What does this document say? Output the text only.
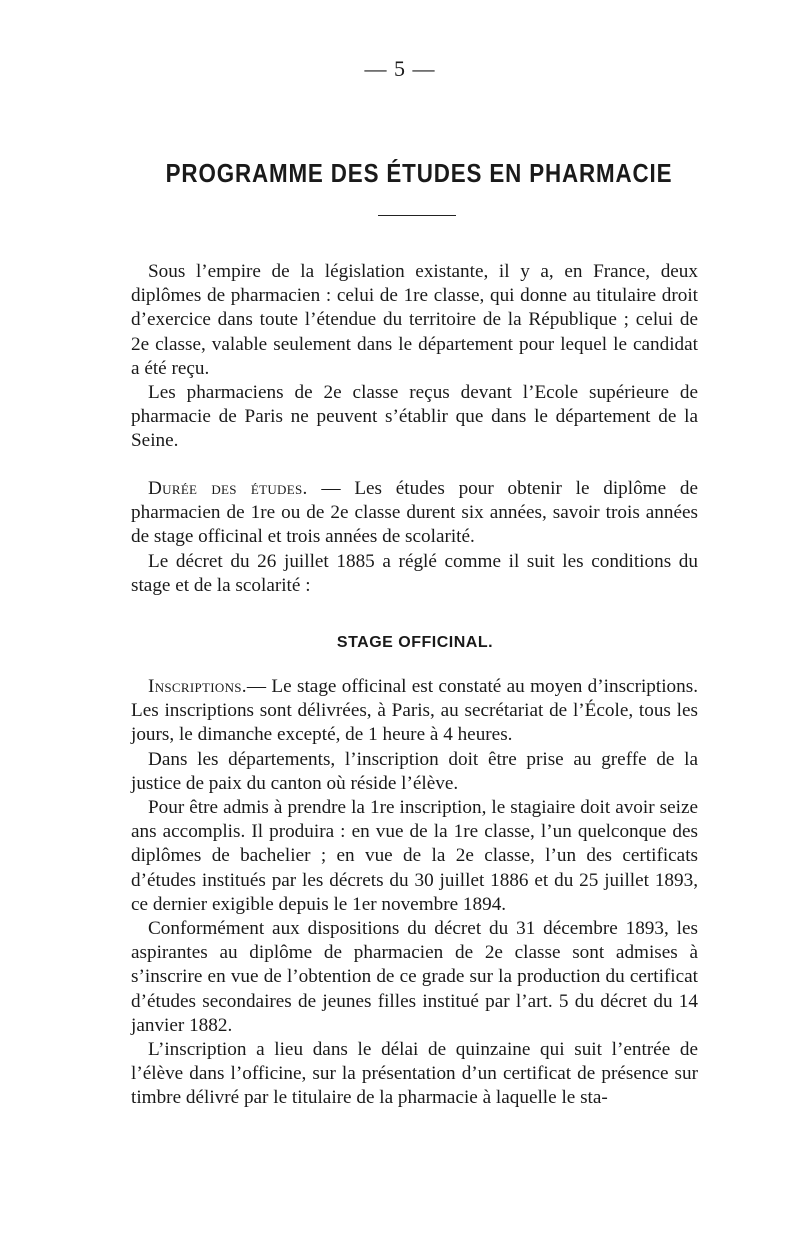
— 5 —
PROGRAMME DES ÉTUDES EN PHARMACIE

Sous l’empire de la législation existante, il y a, en France, deux diplômes de pharmacien : celui de 1re classe, qui donne au titulaire droit d’exercice dans toute l’étendue du territoire de la République ; celui de 2e classe, valable seulement dans le département pour lequel le candidat a été reçu.

Les pharmaciens de 2e classe reçus devant l’Ecole supérieure de pharmacie de Paris ne peuvent s’établir que dans le département de la Seine.

Durée des études. — Les études pour obtenir le diplôme de pharmacien de 1re ou de 2e classe durent six années, savoir trois années de stage officinal et trois années de scolarité.

Le décret du 26 juillet 1885 a réglé comme il suit les conditions du stage et de la scolarité :

STAGE OFFICINAL.

Inscriptions.— Le stage officinal est constaté au moyen d’inscriptions. Les inscriptions sont délivrées, à Paris, au secrétariat de l’École, tous les jours, le dimanche excepté, de 1 heure à 4 heures.

Dans les départements, l’inscription doit être prise au greffe de la justice de paix du canton où réside l’élève.

Pour être admis à prendre la 1re inscription, le stagiaire doit avoir seize ans accomplis. Il produira : en vue de la 1re classe, l’un quelconque des diplômes de bachelier ; en vue de la 2e classe, l’un des certificats d’études institués par les décrets du 30 juillet 1886 et du 25 juillet 1893, ce dernier exigible depuis le 1er novembre 1894.

Conformément aux dispositions du décret du 31 décembre 1893, les aspirantes au diplôme de pharmacien de 2e classe sont admises à s’inscrire en vue de l’obtention de ce grade sur la production du certificat d’études secondaires de jeunes filles institué par l’art. 5 du décret du 14 janvier 1882.

L’inscription a lieu dans le délai de quinzaine qui suit l’entrée de l’élève dans l’officine, sur la présentation d’un certificat de présence sur timbre délivré par le titulaire de la pharmacie à laquelle le sta-
